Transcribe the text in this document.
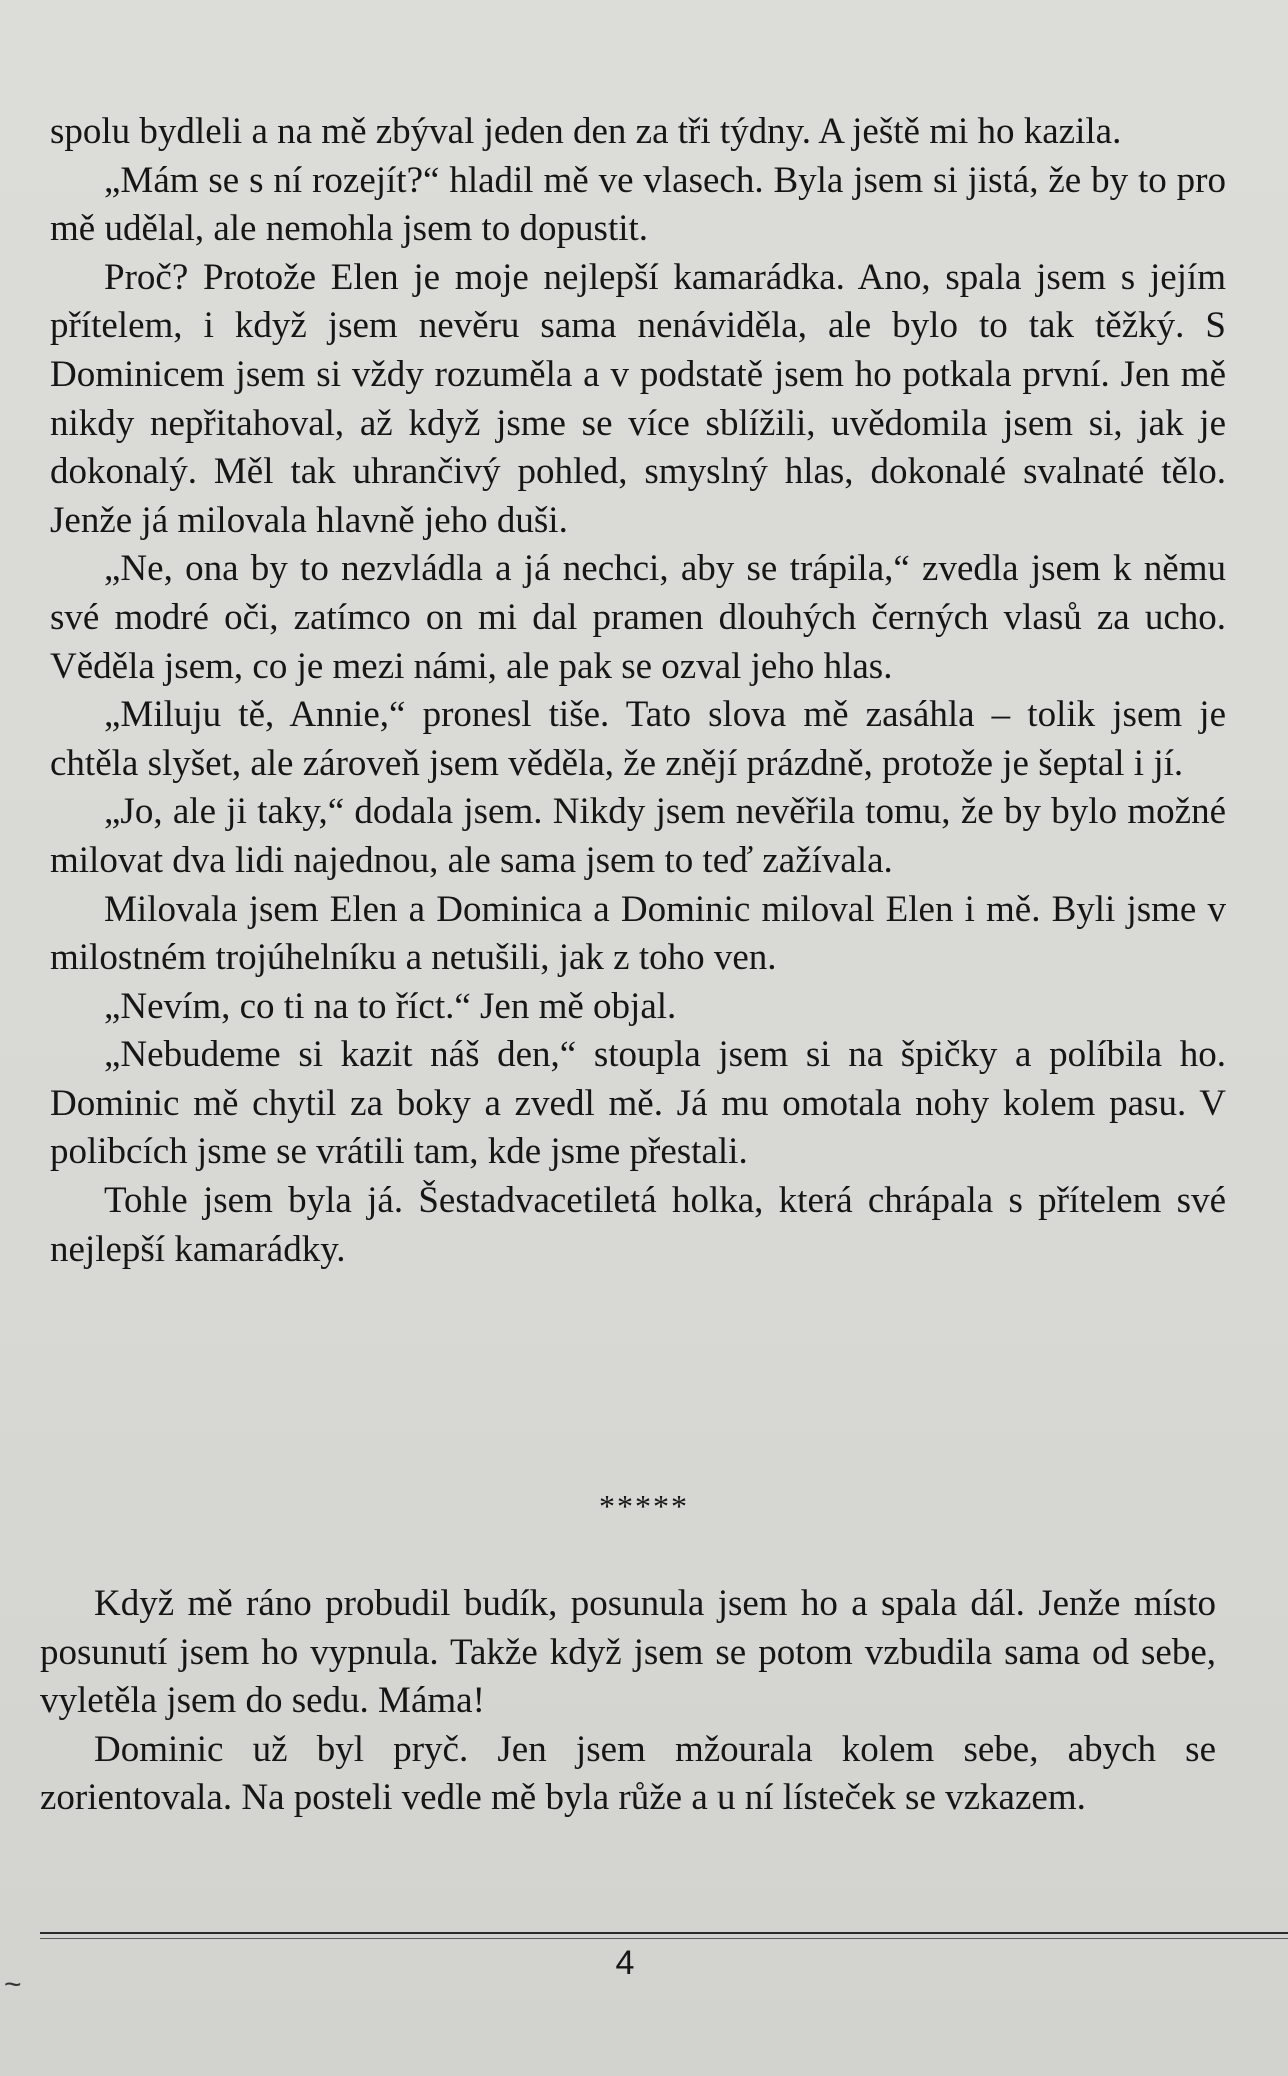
spolu bydleli a na mě zbýval jeden den za tři týdny. A ještě mi ho kazila.

„Mám se s ní rozejít?“ hladil mě ve vlasech. Byla jsem si jistá, že by to pro mě udělal, ale nemohla jsem to dopustit.

Proč? Protože Elen je moje nejlepší kamarádka. Ano, spala jsem s jejím přítelem, i když jsem nevěru sama nenáviděla, ale bylo to tak těžký. S Dominicem jsem si vždy rozuměla a v podstatě jsem ho potkala první. Jen mě nikdy nepřitahoval, až když jsme se více sblížili, uvědomila jsem si, jak je dokonalý. Měl tak uhrančivý pohled, smyslný hlas, dokonalé svalnaté tělo. Jenže já milovala hlavně jeho duši.

„Ne, ona by to nezvládla a já nechci, aby se trápila,“ zvedla jsem k němu své modré oči, zatímco on mi dal pramen dlouhých černých vlasů za ucho. Věděla jsem, co je mezi námi, ale pak se ozval jeho hlas.

„Miluju tě, Annie,“ pronesl tiše. Tato slova mě zasáhla – tolik jsem je chtěla slyšet, ale zároveň jsem věděla, že znějí prázdně, protože je šeptal i jí.

„Jo, ale ji taky,“ dodala jsem. Nikdy jsem nevěřila tomu, že by bylo možné milovat dva lidi najednou, ale sama jsem to teď zažívala.

Milovala jsem Elen a Dominica a Dominic miloval Elen i mě. Byli jsme v milostném trojúhelníku a netušili, jak z toho ven.

„Nevím, co ti na to říct.“ Jen mě objal.

„Nebudeme si kazit náš den,“ stoupla jsem si na špičky a políbila ho. Dominic mě chytil za boky a zvedl mě. Já mu omotala nohy kolem pasu. V polibcích jsme se vrátili tam, kde jsme přestali.

Tohle jsem byla já. Šestadvacetiletá holka, která chrápala s přítelem své nejlepší kamarádky.

*****

Když mě ráno probudil budík, posunula jsem ho a spala dál. Jenže místo posunutí jsem ho vypnula. Takže když jsem se potom vzbudila sama od sebe, vyletěla jsem do sedu. Máma!

Dominic už byl pryč. Jen jsem mžourala kolem sebe, abych se zorientovala. Na posteli vedle mě byla růže a u ní lísteček se vzkazem.

4
~
